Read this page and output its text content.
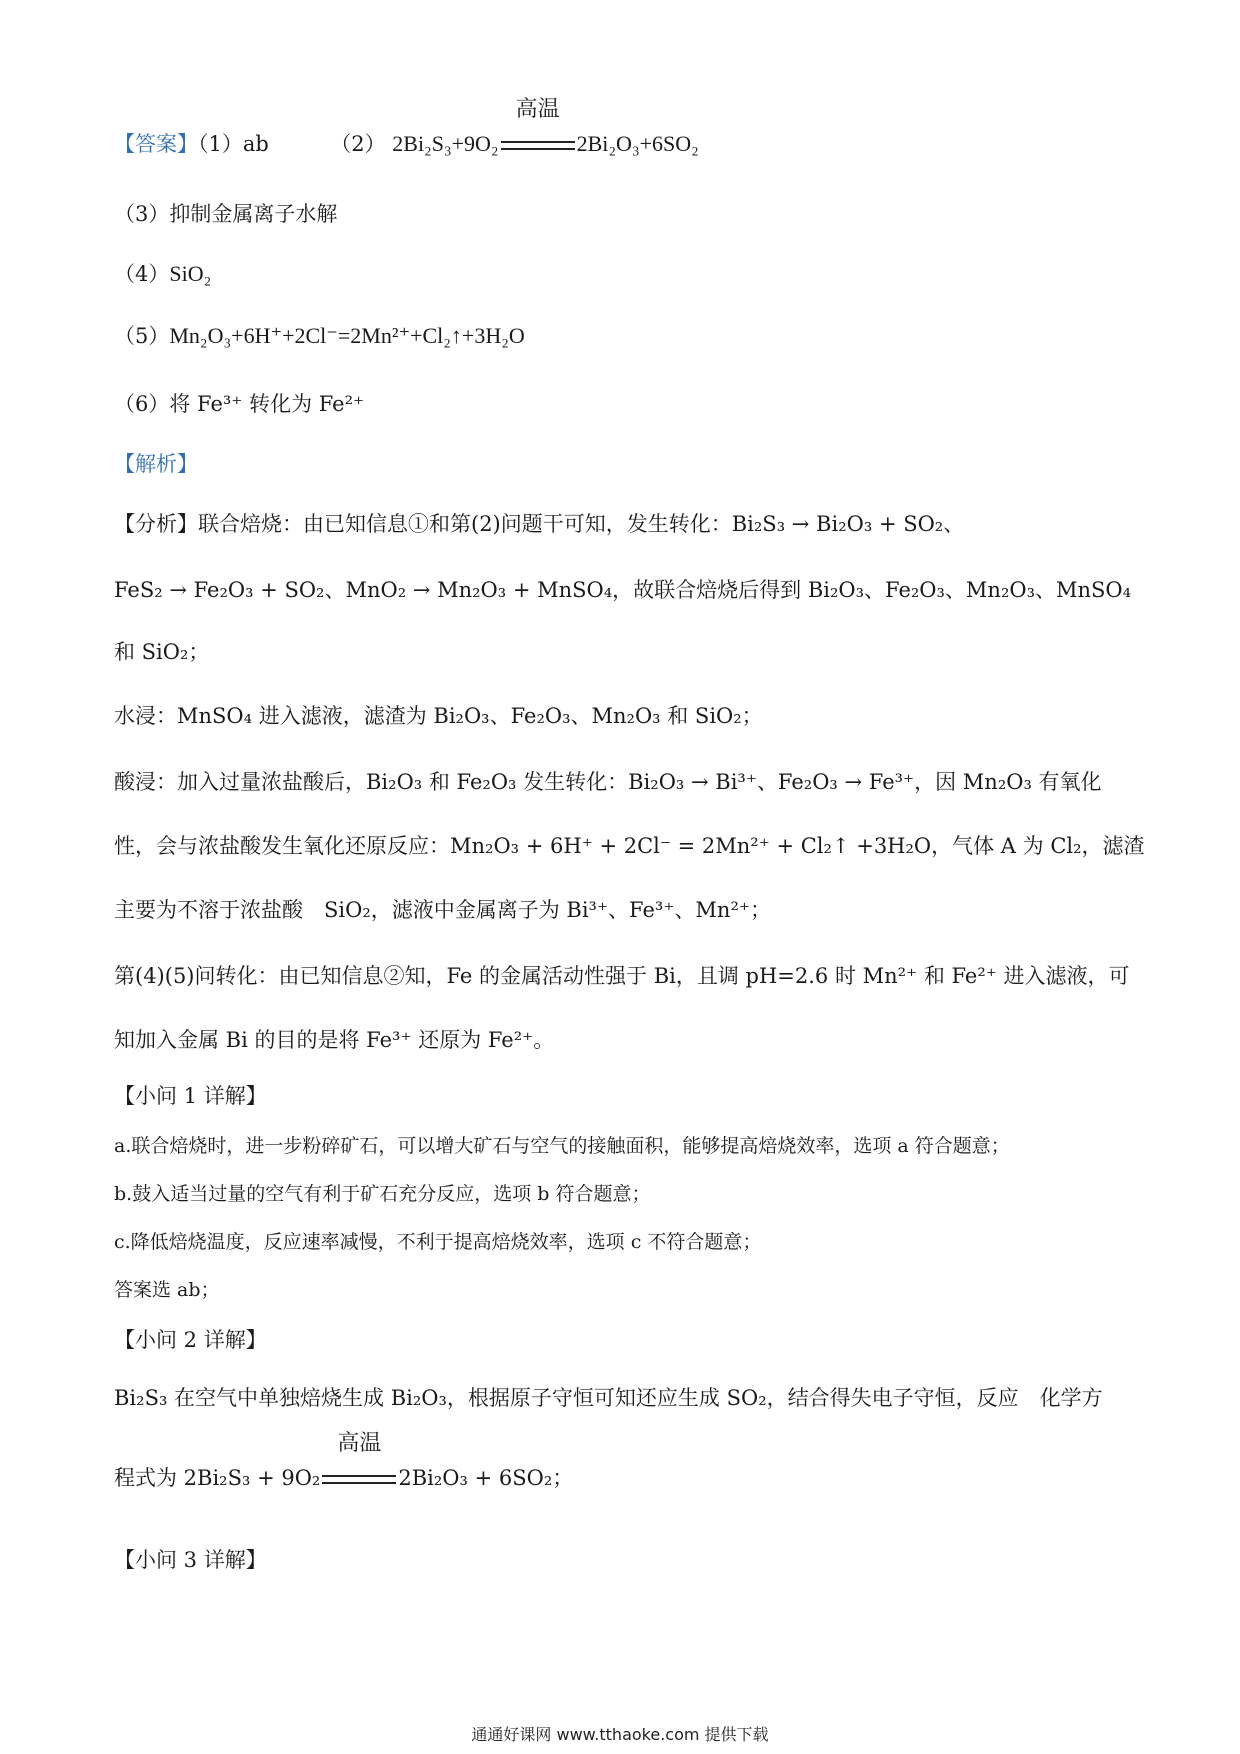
【答案】（1）ab	（2） 2Bi₂S₃+9O₂
高温
2Bi₂O₃+6SO₂
（3）抑制金属离子水解
（4）SiO₂
（5）Mn₂O₃+6H⁺+2Cl⁻=2Mn²⁺+Cl₂↑+3H₂O
（6）将 Fe³⁺ 转化为 Fe²⁺
【解析】
【分析】联合焙烧：由已知信息①和第(2)问题干可知，发生转化：Bi₂S₃ → Bi₂O₃ + SO₂、
FeS₂ → Fe₂O₃ + SO₂、MnO₂ → Mn₂O₃ + MnSO₄，故联合焙烧后得到 Bi₂O₃、Fe₂O₃、Mn₂O₃、MnSO₄
和 SiO₂；
水浸：MnSO₄ 进入滤液，滤渣为 Bi₂O₃、Fe₂O₃、Mn₂O₃ 和 SiO₂；
酸浸：加入过量浓盐酸后，Bi₂O₃ 和 Fe₂O₃ 发生转化：Bi₂O₃ → Bi³⁺、Fe₂O₃ → Fe³⁺，因 Mn₂O₃ 有氧化
性，会与浓盐酸发生氧化还原反应：Mn₂O₃ + 6H⁺ + 2Cl⁻ = 2Mn²⁺ + Cl₂↑ +3H₂O，气体 A 为 Cl₂，滤渣
主要为不溶于浓盐酸　SiO₂，滤液中金属离子为 Bi³⁺、Fe³⁺、Mn²⁺；
第(4)(5)问转化：由已知信息②知，Fe 的金属活动性强于 Bi，且调 pH=2.6 时 Mn²⁺ 和 Fe²⁺ 进入滤液，可
知加入金属 Bi 的目的是将 Fe³⁺ 还原为 Fe²⁺。
【小问 1 详解】
a.联合焙烧时，进一步粉碎矿石，可以增大矿石与空气的接触面积，能够提高焙烧效率，选项 a 符合题意；
b.鼓入适当过量的空气有利于矿石充分反应，选项 b 符合题意；
c.降低焙烧温度，反应速率减慢，不利于提高焙烧效率，选项 c 不符合题意；
答案选 ab；
【小问 2 详解】
Bi₂S₃ 在空气中单独焙烧生成 Bi₂O₃，根据原子守恒可知还应生成 SO₂，结合得失电子守恒，反应　化学方
程式为 2Bi₂S₃ + 9O₂
高温
2Bi₂O₃ + 6SO₂；
【小问 3 详解】
通通好课网 www.tthaoke.com 提供下载
